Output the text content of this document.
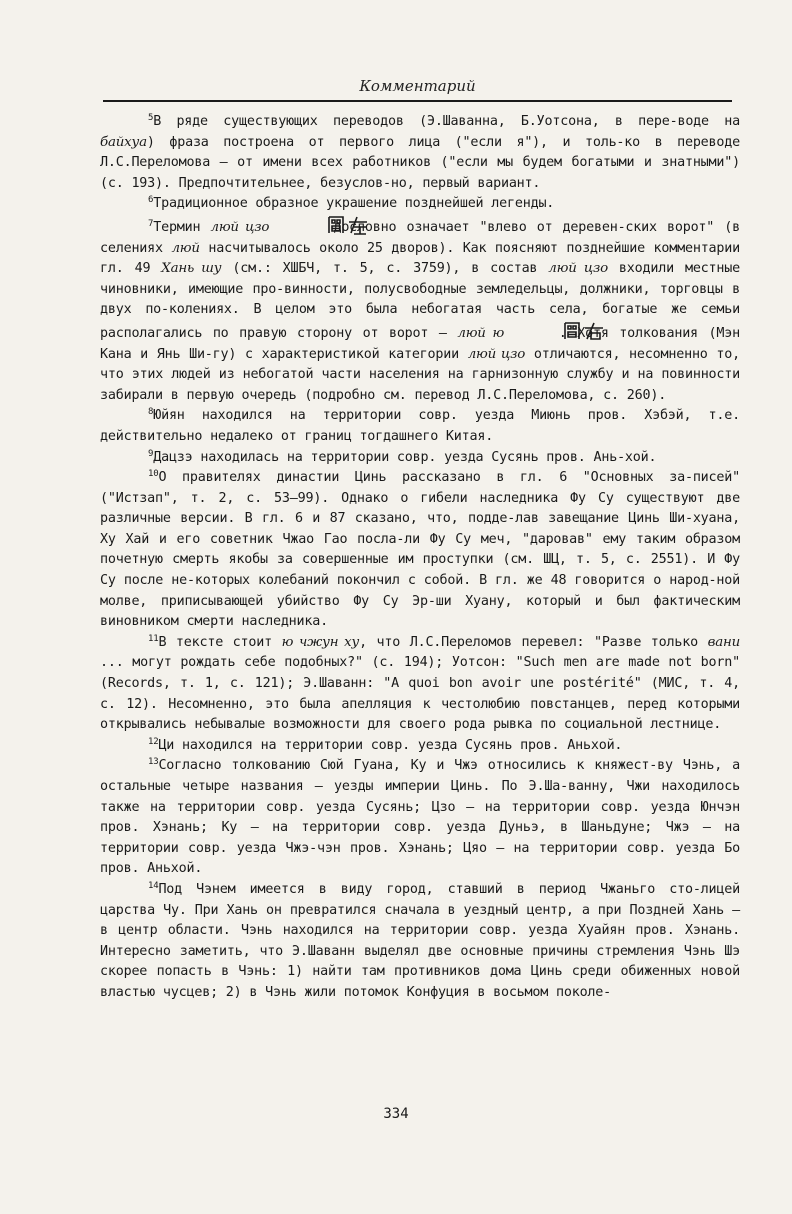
Комментарий

$^5$В ряде существующих переводов (Э.Шаванна, Б.Уотсона, в пере-воде на байхуа) фраза построена от первого лица ("если я"), и толь-ко в переводе Л.С.Переломова – от имени всех работников ("если мы будем богатыми и знатными") (с. 193). Предпочтительнее, безуслов-но, первый вариант.

$^6$Традиционное образное украшение позднейшей легенды.

$^7$Термин люй цзо	дословно означает "влево от деревен-ских ворот" (в селениях люй насчитывалось около 25 дворов). Как поясняют позднейшие комментарии гл. 49 Хань шу (см.: ХШБЧ, т. 5, с. 3759), в состав люй цзо входили местные чиновники, имеющие про-винности, полусвободные земледельцы, должники, торговцы в двух по-колениях. В целом это была небогатая часть села, богатые же семьи располагались по правую сторону от ворот – люй ю	. Хотя толкования (Мэн Кана и Янь Ши-гу) с характеристикой категории люй цзо отличаются, несомненно то, что этих людей из небогатой части населения на гарнизонную службу и на повинности забирали в первую очередь (подробно см. перевод Л.С.Переломова, с. 260).

$^8$Юйян находился на территории совр. уезда Миюнь пров. Хэбэй, т.е. действительно недалеко от границ тогдашнего Китая.

$^9$Дацзэ находилась на территории совр. уезда Сусянь пров. Ань-хой.

$^{10}$О правителях династии Цинь рассказано в гл. 6 "Основных за-писей" ("Истзап", т. 2, с. 53–99). Однако о гибели наследника Фу Су существуют две различные версии. В гл. 6 и 87 сказано, что, подде-лав завещание Цинь Ши-хуана, Ху Хай и его советник Чжао Гао посла-ли Фу Су меч, "даровав" ему таким образом почетную смерть якобы за совершенные им проступки (см. ШЦ, т. 5, с. 2551). И Фу Су после не-которых колебаний покончил с собой. В гл. же 48 говорится о народ-ной молве, приписывающей убийство Фу Су Эр-ши Хуану, который и был фактическим виновником смерти наследника.

$^{11}$В тексте стоит ю чжун ху, что Л.С.Переломов перевел: "Разве только вани ... могут рождать себе подобных?" (с. 194); Уотсон: "Such men are made not born" (Records, т. 1, с. 121); Э.Шаванн: "A quoi bon avoir une postérité" (МИС, т. 4, с. 12). Несомненно, это была апелляция к честолюбию повстанцев, перед которыми открывались небывалые возможности для своего рода рывка по социальной лестнице.

$^{12}$Ци находился на территории совр. уезда Сусянь пров. Аньхой.

$^{13}$Согласно толкованию Сюй Гуана, Ку и Чжэ относились к княжест-ву Чэнь, а остальные четыре названия – уезды империи Цинь. По Э.Ша-ванну, Чжи находилось также на территории совр. уезда Сусянь; Цзо – на территории совр. уезда Юнчэн пров. Хэнань; Ку – на территории совр. уезда Дуньэ, в Шаньдуне; Чжэ – на территории совр. уезда Чжэ-чэн пров. Хэнань; Цяо – на территории совр. уезда Бо пров. Аньхой.

$^{14}$Под Чэнем имеется в виду город, ставший в период Чжаньго сто-лицей царства Чу. При Хань он превратился сначала в уездный центр, а при Поздней Хань – в центр области. Чэнь находился на территории совр. уезда Хуайян пров. Хэнань. Интересно заметить, что Э.Шаванн выделял две основные причины стремления Чэнь Шэ скорее попасть в Чэнь: 1) найти там противников дома Цинь среди обиженных новой властью чусцев; 2) в Чэнь жили потомок Конфуция в восьмом поколе-

334
